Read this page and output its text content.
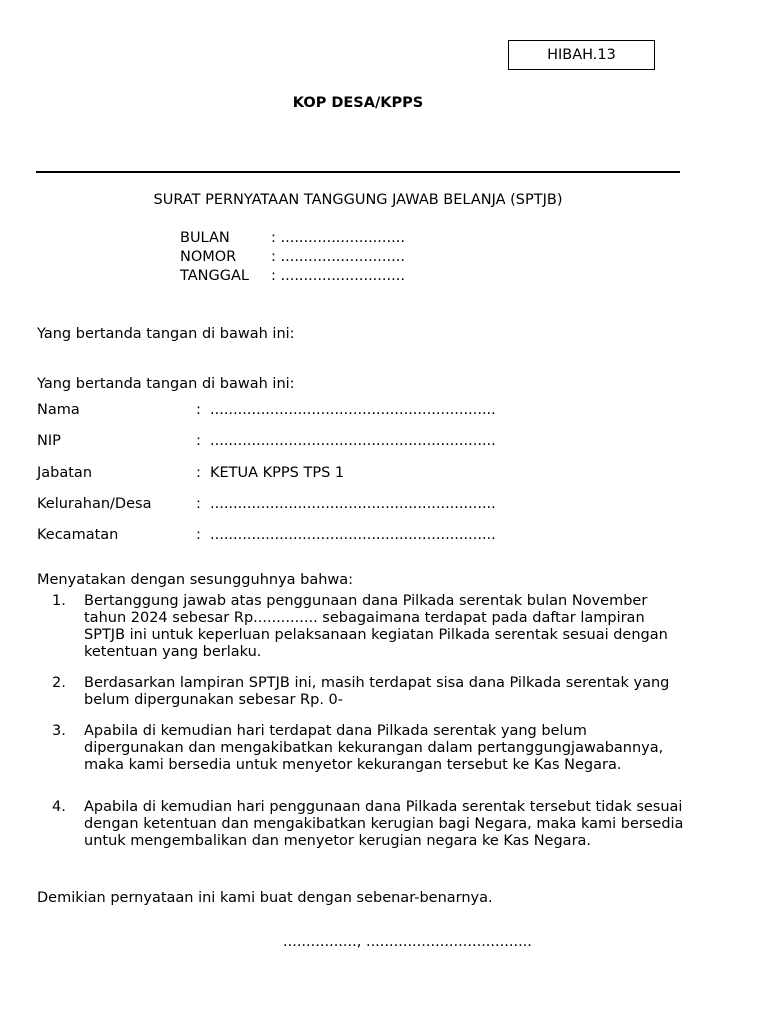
HIBAH.13
KOP DESA/KPPS
SURAT PERNYATAAN TANGGUNG JAWAB BELANJA (SPTJB)
BULAN	: ...........................
NOMOR : ...........................
TANGGAL : ...........................
Yang bertanda tangan di bawah ini:
Yang bertanda tangan di bawah ini:
Nama	: ..............................................................
NIP	: ..............................................................
Jabatan	: KETUA KPPS TPS 1
Kelurahan/Desa	: ..............................................................
Kecamatan	: ..............................................................
Menyatakan dengan sesungguhnya bahwa:
1.	Bertanggung jawab atas penggunaan dana Pilkada serentak bulan November tahun 2024 sebesar Rp.............. sebagaimana terdapat pada daftar lampiran SPTJB ini untuk keperluan pelaksanaan kegiatan Pilkada serentak sesuai dengan ketentuan yang berlaku.
2.	Berdasarkan lampiran SPTJB ini, masih terdapat sisa dana Pilkada serentak yang belum dipergunakan sebesar Rp. 0-
3.	Apabila di kemudian hari terdapat dana Pilkada serentak yang belum dipergunakan dan mengakibatkan kekurangan dalam pertanggungjawabannya, maka kami bersedia untuk menyetor kekurangan tersebut ke Kas Negara.
4.	Apabila di kemudian hari penggunaan dana Pilkada serentak tersebut tidak sesuai dengan ketentuan dan mengakibatkan kerugian bagi Negara, maka kami bersedia untuk mengembalikan dan menyetor kerugian negara ke Kas Negara.
Demikian pernyataan ini kami buat dengan sebenar-benarnya.
................, ....................................
